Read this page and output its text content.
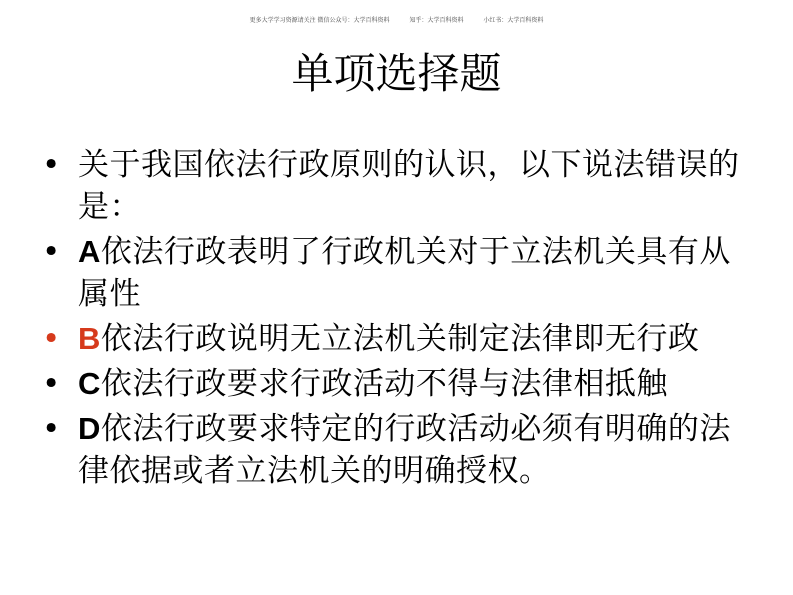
更多大学学习资源请关注 微信公众号：大学百科资料	知乎：大学百科资料	小红书：大学百科资料
单项选择题
• 关于我国依法行政原则的认识，以下说法错误的是：
• A依法行政表明了行政机关对于立法机关具有从属性
• B依法行政说明无立法机关制定法律即无行政
• C依法行政要求行政活动不得与法律相抵触
• D依法行政要求特定的行政活动必须有明确的法律依据或者立法机关的明确授权。
